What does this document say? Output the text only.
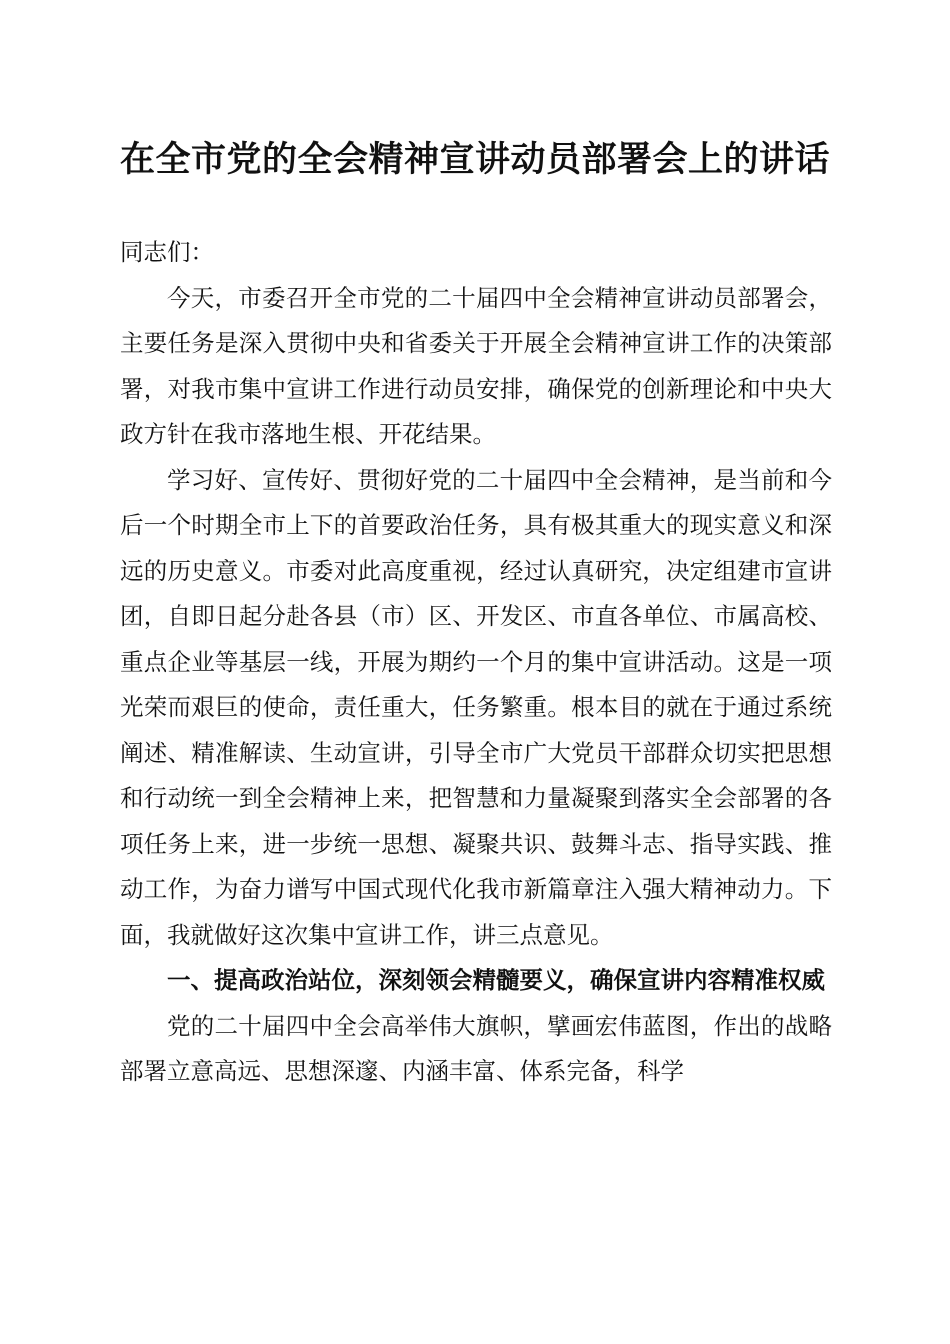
在全市党的全会精神宣讲动员部署会上的讲话

同志们：

今天，市委召开全市党的二十届四中全会精神宣讲动员部署会，主要任务是深入贯彻中央和省委关于开展全会精神宣讲工作的决策部署，对我市集中宣讲工作进行动员安排，确保党的创新理论和中央大政方针在我市落地生根、开花结果。

学习好、宣传好、贯彻好党的二十届四中全会精神，是当前和今后一个时期全市上下的首要政治任务，具有极其重大的现实意义和深远的历史意义。市委对此高度重视，经过认真研究，决定组建市宣讲团，自即日起分赴各县（市）区、开发区、市直各单位、市属高校、重点企业等基层一线，开展为期约一个月的集中宣讲活动。这是一项光荣而艰巨的使命，责任重大，任务繁重。根本目的就在于通过系统阐述、精准解读、生动宣讲，引导全市广大党员干部群众切实把思想和行动统一到全会精神上来，把智慧和力量凝聚到落实全会部署的各项任务上来，进一步统一思想、凝聚共识、鼓舞斗志、指导实践、推动工作，为奋力谱写中国式现代化我市新篇章注入强大精神动力。下面，我就做好这次集中宣讲工作，讲三点意见。

一、提高政治站位，深刻领会精髓要义，确保宣讲内容精准权威

党的二十届四中全会高举伟大旗帜，擘画宏伟蓝图，作出的战略部署立意高远、思想深邃、内涵丰富、体系完备，科学
